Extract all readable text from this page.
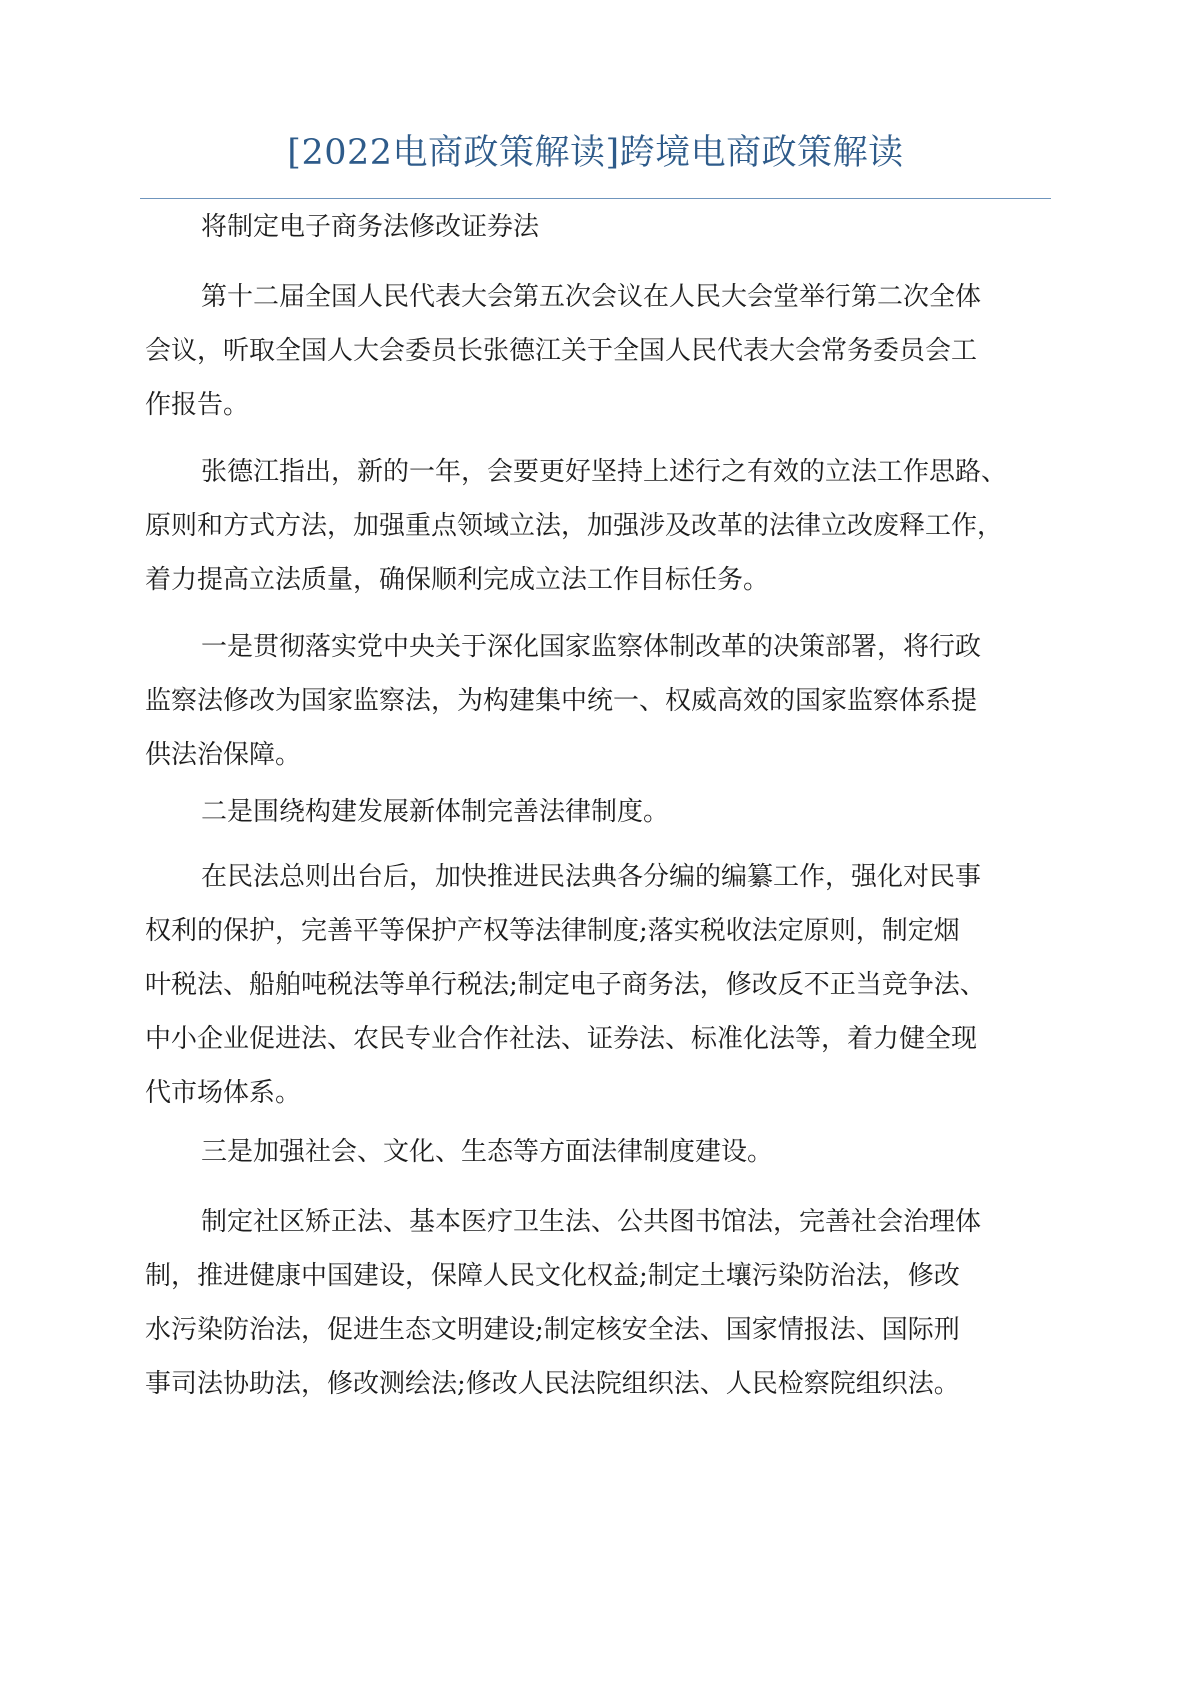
[2022电商政策解读]跨境电商政策解读

将制定电子商务法修改证券法

第十二届全国人民代表大会第五次会议在人民大会堂举行第二次全体
会议，听取全国人大会委员长张德江关于全国人民代表大会常务委员会工
作报告。

张德江指出，新的一年，会要更好坚持上述行之有效的立法工作思路、
原则和方式方法，加强重点领域立法，加强涉及改革的法律立改废释工作，
着力提高立法质量，确保顺利完成立法工作目标任务。

一是贯彻落实党中央关于深化国家监察体制改革的决策部署，将行政
监察法修改为国家监察法，为构建集中统一、权威高效的国家监察体系提
供法治保障。

二是围绕构建发展新体制完善法律制度。

在民法总则出台后，加快推进民法典各分编的编纂工作，强化对民事
权利的保护，完善平等保护产权等法律制度;落实税收法定原则，制定烟
叶税法、船舶吨税法等单行税法;制定电子商务法，修改反不正当竞争法、
中小企业促进法、农民专业合作社法、证券法、标准化法等，着力健全现
代市场体系。

三是加强社会、文化、生态等方面法律制度建设。

制定社区矫正法、基本医疗卫生法、公共图书馆法，完善社会治理体
制，推进健康中国建设，保障人民文化权益;制定土壤污染防治法，修改
水污染防治法，促进生态文明建设;制定核安全法、国家情报法、国际刑
事司法协助法，修改测绘法;修改人民法院组织法、人民检察院组织法。
